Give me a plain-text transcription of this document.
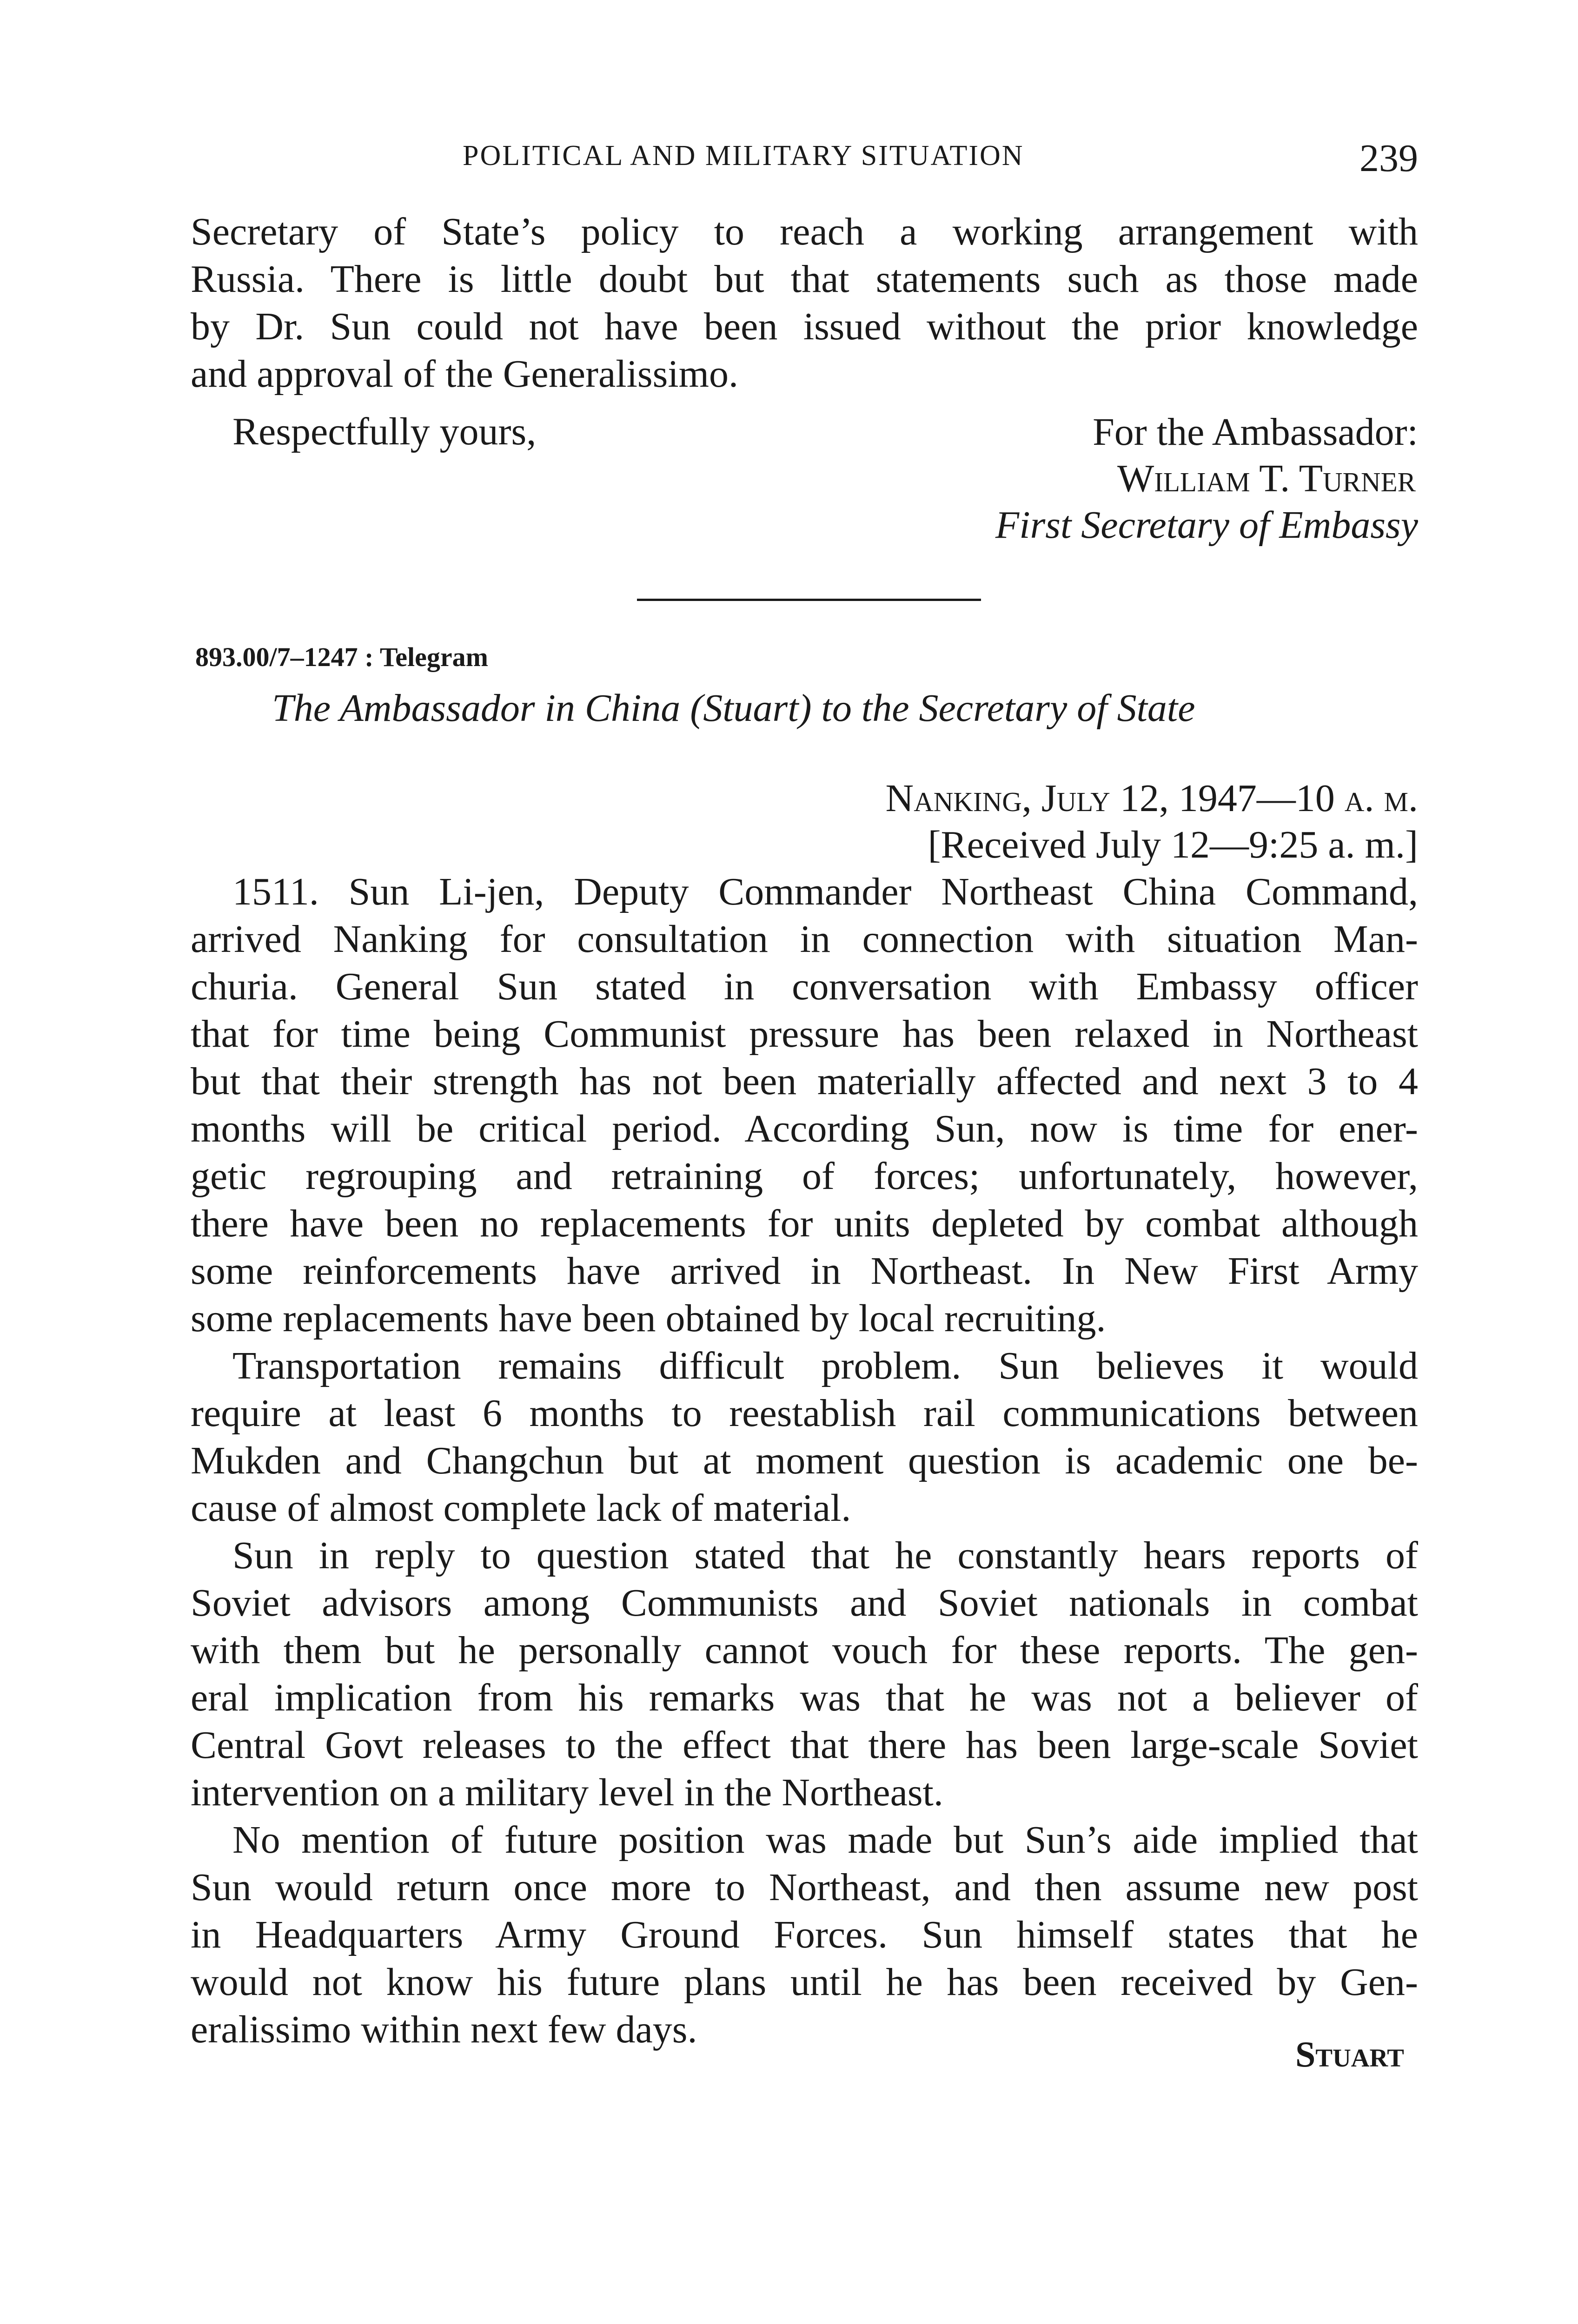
POLITICAL AND MILITARY SITUATION	239

Secretary of State’s policy to reach a working arrangement with
Russia. There is little doubt but that statements such as those made
by Dr. Sun could not have been issued without the prior knowledge
and approval of the Generalissimo.

Respectfully yours,	For the Ambassador:
William T. Turner
First Secretary of Embassy
893.00/7–1247 : Telegram
The Ambassador in China (Stuart) to the Secretary of State
Nanking, July 12, 1947—10 a. m.
[Received July 12—9:25 a. m.]

1511. Sun Li-jen, Deputy Commander Northeast China Command,
arrived Nanking for consultation in connection with situation Man-
churia. General Sun stated in conversation with Embassy officer
that for time being Communist pressure has been relaxed in Northeast
but that their strength has not been materially affected and next 3 to 4
months will be critical period. According Sun, now is time for ener-
getic regrouping and retraining of forces; unfortunately, however,
there have been no replacements for units depleted by combat although
some reinforcements have arrived in Northeast. In New First Army
some replacements have been obtained by local recruiting.

Transportation remains difficult problem. Sun believes it would
require at least 6 months to reestablish rail communications between
Mukden and Changchun but at moment question is academic one be-
cause of almost complete lack of material.

Sun in reply to question stated that he constantly hears reports of
Soviet advisors among Communists and Soviet nationals in combat
with them but he personally cannot vouch for these reports. The gen-
eral implication from his remarks was that he was not a believer of
Central Govt releases to the effect that there has been large-scale Soviet
intervention on a military level in the Northeast.

No mention of future position was made but Sun’s aide implied that
Sun would return once more to Northeast, and then assume new post
in Headquarters Army Ground Forces. Sun himself states that he
would not know his future plans until he has been received by Gen-
eralissimo within next few days.

Stuart
